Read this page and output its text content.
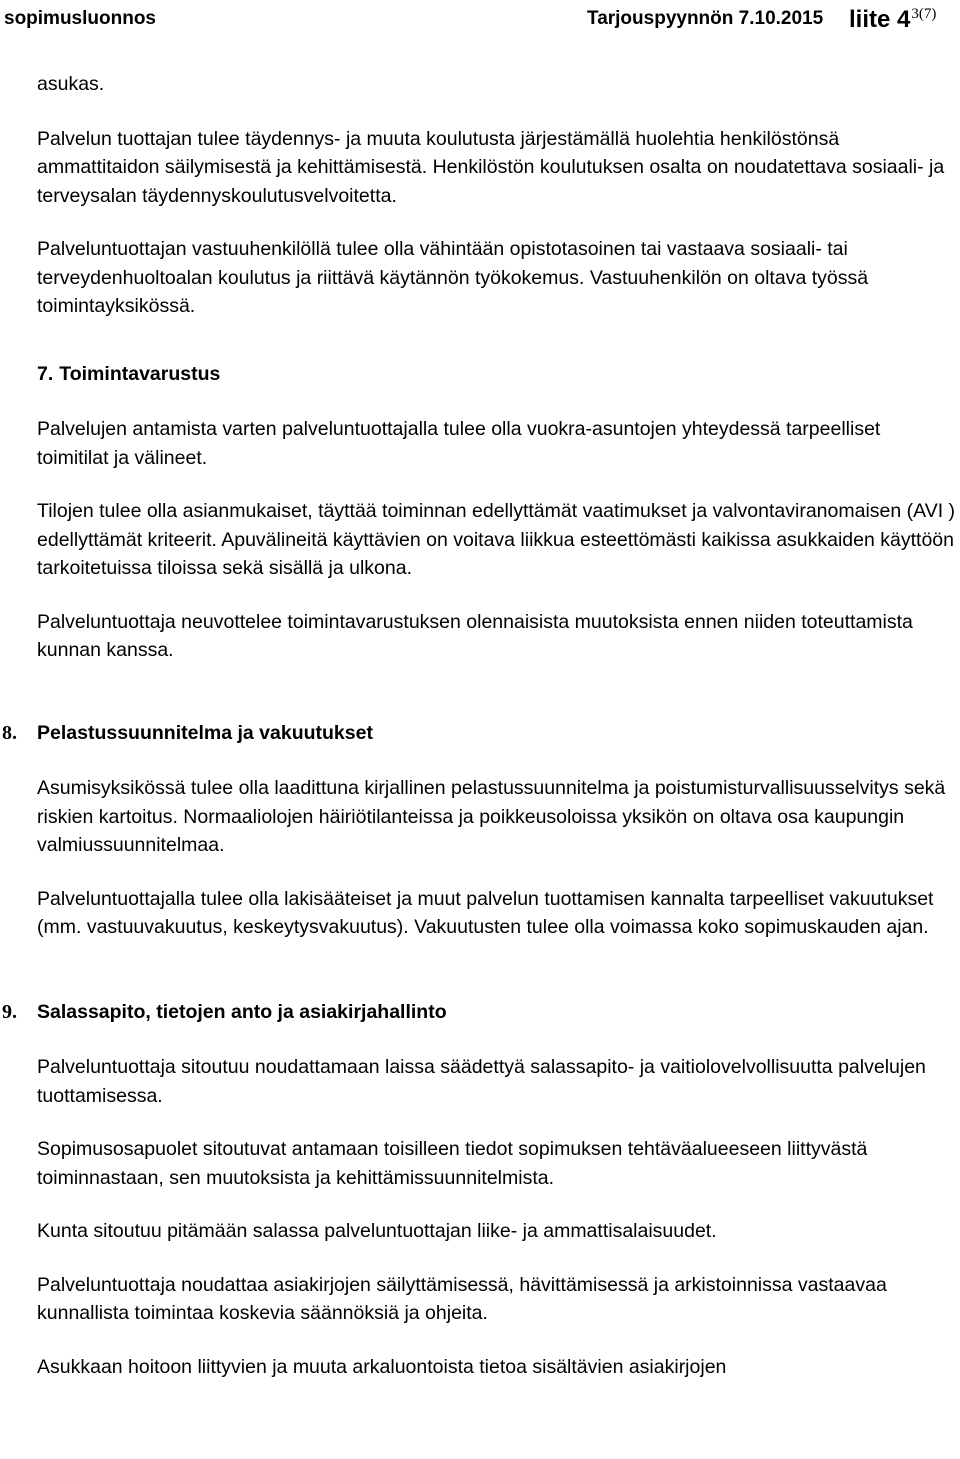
sopimusluonnos	Tarjouspyynnön 7.10.2015 liite $4^{3(7)}$

asukas.

Palvelun tuottajan tulee täydennys- ja muuta koulutusta järjestämällä huolehtia henkilöstönsä ammattitaidon säilymisestä ja kehittämisestä. Henkilöstön koulutuksen osalta on noudatettava sosiaali- ja terveysalan täydennyskoulutusvelvoitetta.

Palveluntuottajan vastuuhenkilöllä tulee olla vähintään opistotasoinen tai vastaava sosiaali- tai terveydenhuoltoalan koulutus ja riittävä käytännön työkokemus. Vastuuhenkilön on oltava työssä toimintayksikössä.

7. Toimintavarustus

Palvelujen antamista varten palveluntuottajalla tulee olla vuokra-asuntojen yhteydessä tarpeelliset toimitilat ja välineet.

Tilojen tulee olla asianmukaiset, täyttää toiminnan edellyttämät vaatimukset ja valvontaviranomaisen (AVI ) edellyttämät kriteerit. Apuvälineitä käyttävien on voitava liikkua esteettömästi kaikissa asukkaiden käyttöön tarkoitetuissa tiloissa sekä sisällä ja ulkona.

Palveluntuottaja neuvottelee toimintavarustuksen olennaisista muutoksista ennen niiden toteuttamista kunnan kanssa.

8.	Pelastussuunnitelma ja vakuutukset

Asumisyksikössä tulee olla laadittuna kirjallinen pelastussuunnitelma ja poistumisturvallisuusselvitys sekä riskien kartoitus. Normaaliolojen häiriötilanteissa ja poikkeusoloissa yksikön on oltava osa kaupungin valmiussuunnitelmaa.

Palveluntuottajalla tulee olla lakisääteiset ja muut palvelun tuottamisen kannalta tarpeelliset vakuutukset (mm. vastuuvakuutus, keskeytysvakuutus). Vakuutusten tulee olla voimassa koko sopimuskauden ajan.

9.	Salassapito, tietojen anto ja asiakirjahallinto

Palveluntuottaja sitoutuu noudattamaan laissa säädettyä salassapito- ja vaitiolovelvollisuutta palvelujen tuottamisessa.

Sopimusosapuolet sitoutuvat antamaan toisilleen tiedot sopimuksen tehtäväalueeseen liittyvästä toiminnastaan, sen muutoksista ja kehittämissuunnitelmista.

Kunta sitoutuu pitämään salassa palveluntuottajan liike- ja ammattisalaisuudet.

Palveluntuottaja noudattaa asiakirjojen säilyttämisessä, hävittämisessä ja arkistoinnissa vastaavaa kunnallista toimintaa koskevia säännöksiä ja ohjeita.

Asukkaan hoitoon liittyvien ja muuta arkaluontoista tietoa sisältävien asiakirjojen
